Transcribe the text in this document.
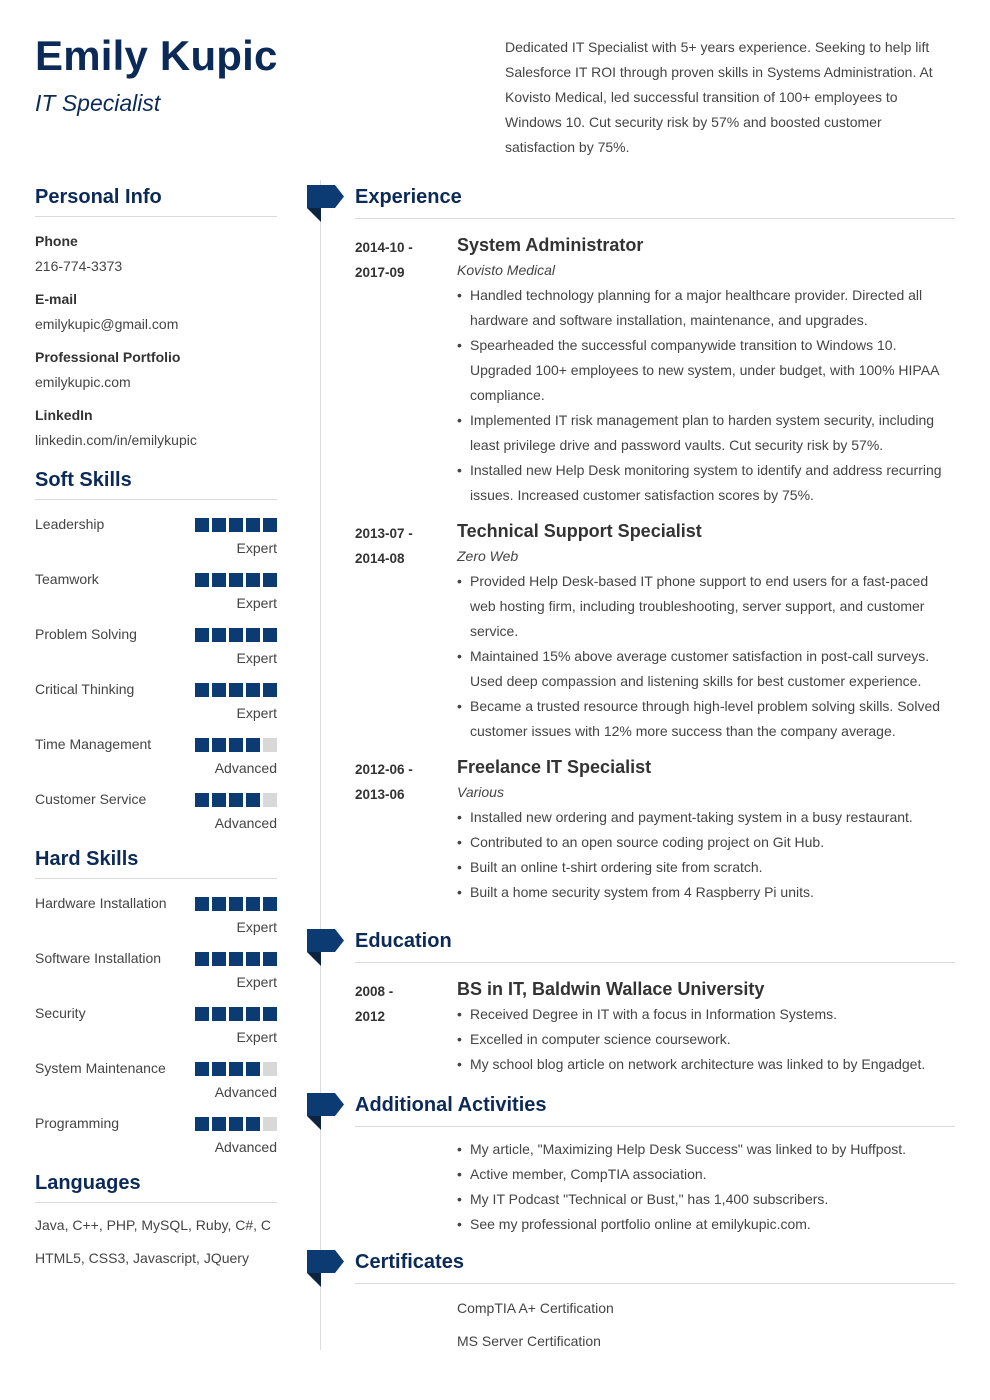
Emily Kupic
IT Specialist
Dedicated IT Specialist with 5+ years experience. Seeking to help lift Salesforce IT ROI through proven skills in Systems Administration. At Kovisto Medical, led successful transition of 100+ employees to Windows 10. Cut security risk by 57% and boosted customer satisfaction by 75%.
Personal Info
Phone
216-774-3373
E-mail
emilykupic@gmail.com
Professional Portfolio
emilykupic.com
LinkedIn
linkedin.com/in/emilykupic
Soft Skills
Leadership
Expert
Teamwork
Expert
Problem Solving
Expert
Critical Thinking
Expert
Time Management
Advanced
Customer Service
Advanced
Hard Skills
Hardware Installation
Expert
Software Installation
Expert
Security
Expert
System Maintenance
Advanced
Programming
Advanced
Languages
Java, C++, PHP, MySQL, Ruby, C#, C
HTML5, CSS3, Javascript, JQuery
Experience
2014-10 -
2017-09
System Administrator
Kovisto Medical
• Handled technology planning for a major healthcare provider. Directed all hardware and software installation, maintenance, and upgrades.
• Spearheaded the successful companywide transition to Windows 10. Upgraded 100+ employees to new system, under budget, with 100% HIPAA compliance.
• Implemented IT risk management plan to harden system security, including least privilege drive and password vaults. Cut security risk by 57%.
• Installed new Help Desk monitoring system to identify and address recurring issues. Increased customer satisfaction scores by 75%.
2013-07 -
2014-08
Technical Support Specialist
Zero Web
• Provided Help Desk-based IT phone support to end users for a fast-paced web hosting firm, including troubleshooting, server support, and customer service.
• Maintained 15% above average customer satisfaction in post-call surveys. Used deep compassion and listening skills for best customer experience.
• Became a trusted resource through high-level problem solving skills. Solved customer issues with 12% more success than the company average.
2012-06 -
2013-06
Freelance IT Specialist
Various
• Installed new ordering and payment-taking system in a busy restaurant.
• Contributed to an open source coding project on Git Hub.
• Built an online t-shirt ordering site from scratch.
• Built a home security system from 4 Raspberry Pi units.
Education
2008 -
2012
BS in IT, Baldwin Wallace University
• Received Degree in IT with a focus in Information Systems.
• Excelled in computer science coursework.
• My school blog article on network architecture was linked to by Engadget.
Additional Activities
• My article, "Maximizing Help Desk Success" was linked to by Huffpost.
• Active member, CompTIA association.
• My IT Podcast "Technical or Bust," has 1,400 subscribers.
• See my professional portfolio online at emilykupic.com.
Certificates
CompTIA A+ Certification
MS Server Certification
